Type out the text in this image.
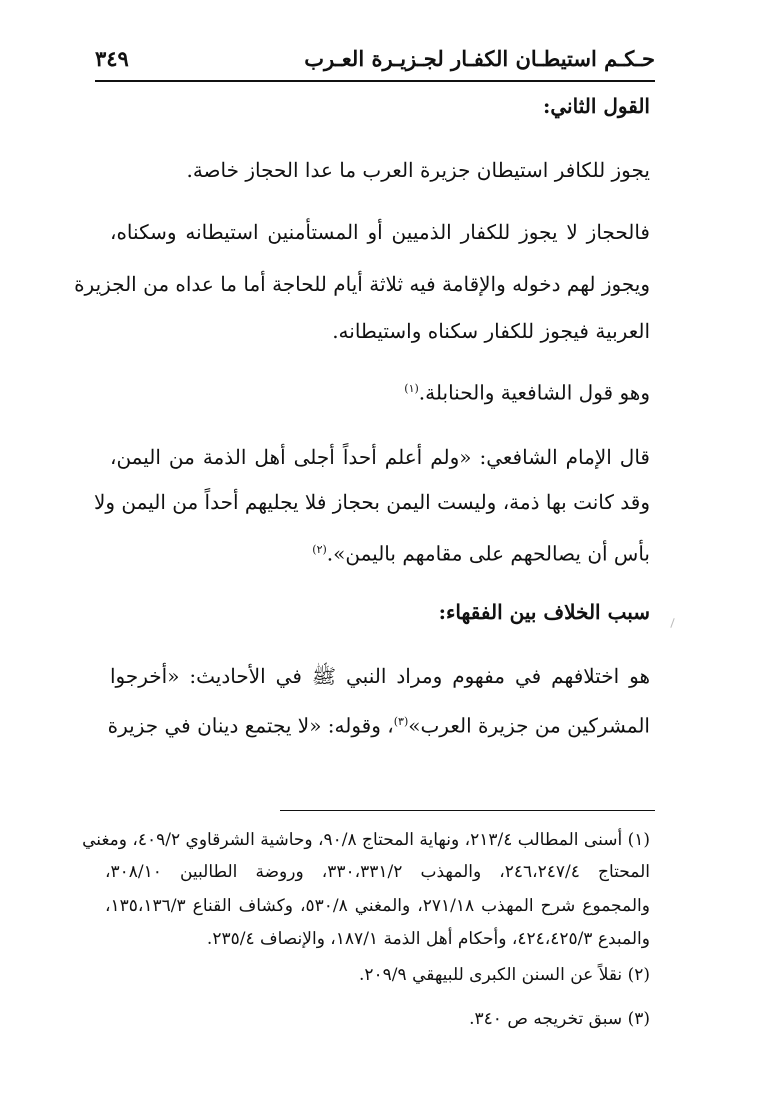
حـكـم استيطـان الكفـار لجـزيـرة العـرب
٣٤٩
القول الثاني:
يجوز للكافر استيطان جزيرة العرب ما عدا الحجاز خاصة.
فالحجاز لا يجوز للكفار الذميين أو المستأمنين استيطانه وسكناه،
ويجوز لهم دخوله والإقامة فيه ثلاثة أيام للحاجة أما ما عداه من الجزيرة
العربية فيجوز للكفار سكناه واستيطانه.
وهو قول الشافعية والحنابلة.$^{(١)}$
قال الإمام الشافعي: «ولم أعلم أحداً أجلى أهل الذمة من اليمن،
وقد كانت بها ذمة، وليست اليمن بحجاز فلا يجليهم أحداً من اليمن ولا
بأس أن يصالحهم على مقامهم باليمن».$^{(٢)}$
سبب الخلاف بين الفقهاء:
هو اختلافهم في مفهوم ومراد النبي ﷺ في الأحاديث: «أخرجوا
المشركين من جزيرة العرب»$^{(٣)}$، وقوله: «لا يجتمع دينان في جزيرة
(١) أسنى المطالب ٢١٣/٤، ونهاية المحتاج ٩٠/٨، وحاشية الشرقاوي ٤٠٩/٢، ومغني
المحتاج ٢٤٦،٢٤٧/٤، والمهذب ٣٣٠،٣٣١/٢، وروضة الطالبين ٣٠٨/١٠،
والمجموع شرح المهذب ٢٧١/١٨، والمغني ٥٣٠/٨، وكشاف القناع ١٣٥،١٣٦/٣،
والمبدع ٤٢٤،٤٢٥/٣، وأحكام أهل الذمة ١٨٧/١، والإنصاف ٢٣٥/٤.
(٢) نقلاً عن السنن الكبرى للبيهقي ٢٠٩/٩.
(٣) سبق تخريجه ص ٣٤٠.
